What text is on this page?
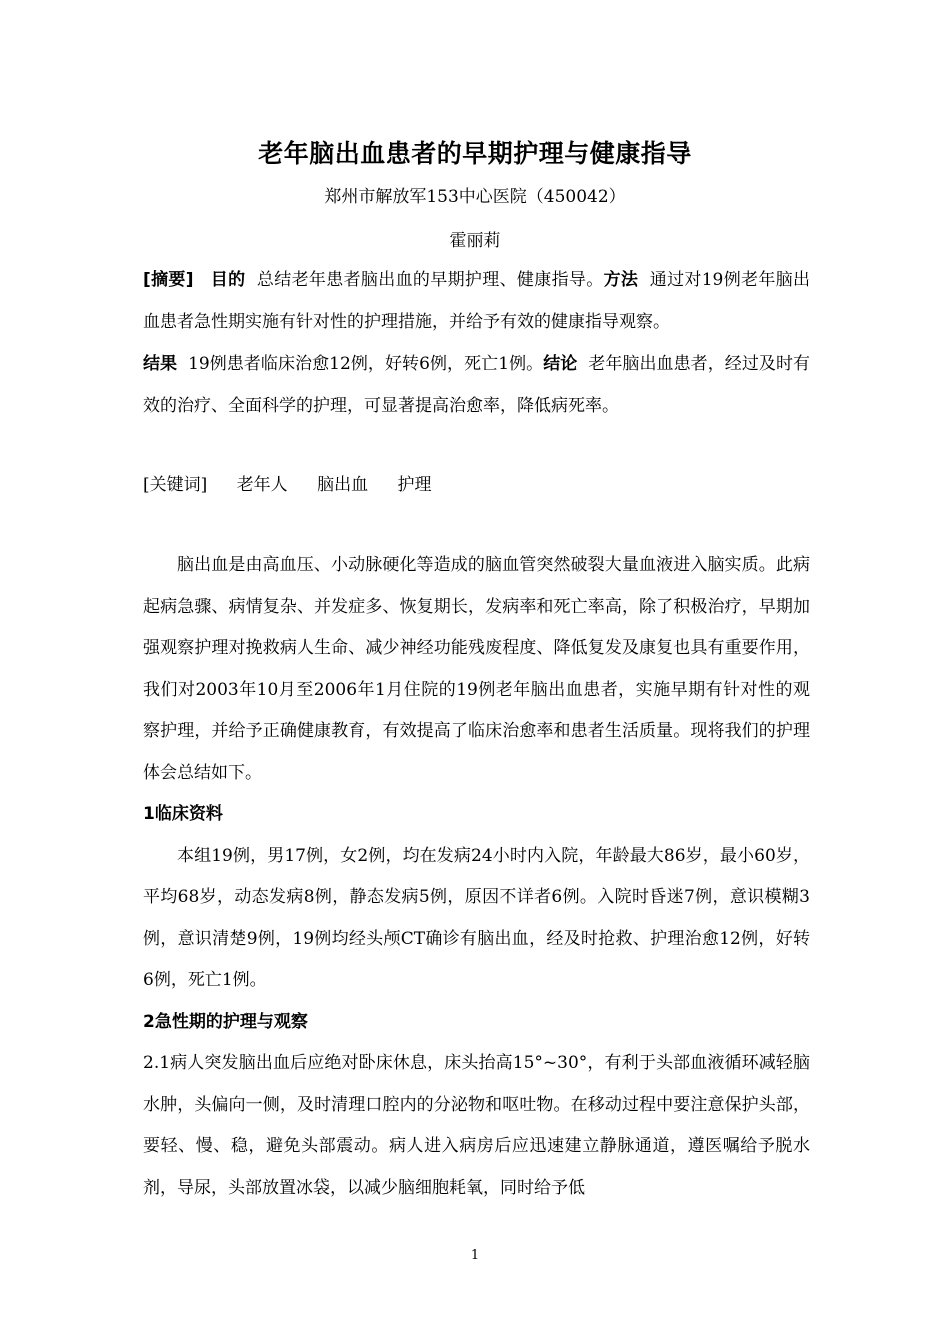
老年脑出血患者的早期护理与健康指导
郑州市解放军153中心医院（450042）
霍丽莉
[摘要] 目的 总结老年患者脑出血的早期护理、健康指导。方法 通过对19例老年脑出血患者急性期实施有针对性的护理措施，并给予有效的健康指导观察。
结果 19例患者临床治愈12例，好转6例，死亡1例。结论 老年脑出血患者，经过及时有效的治疗、全面科学的护理，可显著提高治愈率，降低病死率。
[关键词] 老年人 脑出血 护理

脑出血是由高血压、小动脉硬化等造成的脑血管突然破裂大量血液进入脑实质。此病起病急骤、病情复杂、并发症多、恢复期长，发病率和死亡率高，除了积极治疗，早期加强观察护理对挽救病人生命、减少神经功能残废程度、降低复发及康复也具有重要作用，我们对2003年10月至2006年1月住院的19例老年脑出血患者，实施早期有针对性的观察护理，并给予正确健康教育，有效提高了临床治愈率和患者生活质量。现将我们的护理体会总结如下。

1临床资料

本组19例，男17例，女2例，均在发病24小时内入院，年龄最大86岁，最小60岁，平均68岁，动态发病8例，静态发病5例，原因不详者6例。入院时昏迷7例，意识模糊3例，意识清楚9例，19例均经头颅CT确诊有脑出血，经及时抢救、护理治愈12例，好转6例，死亡1例。

2急性期的护理与观察

2.1病人突发脑出血后应绝对卧床休息，床头抬高15°~30°，有利于头部血液循环减轻脑水肿，头偏向一侧，及时清理口腔内的分泌物和呕吐物。在移动过程中要注意保护头部，要轻、慢、稳，避免头部震动。病人进入病房后应迅速建立静脉通道，遵医嘱给予脱水剂，导尿，头部放置冰袋，以减少脑细胞耗氧，同时给予低

1
